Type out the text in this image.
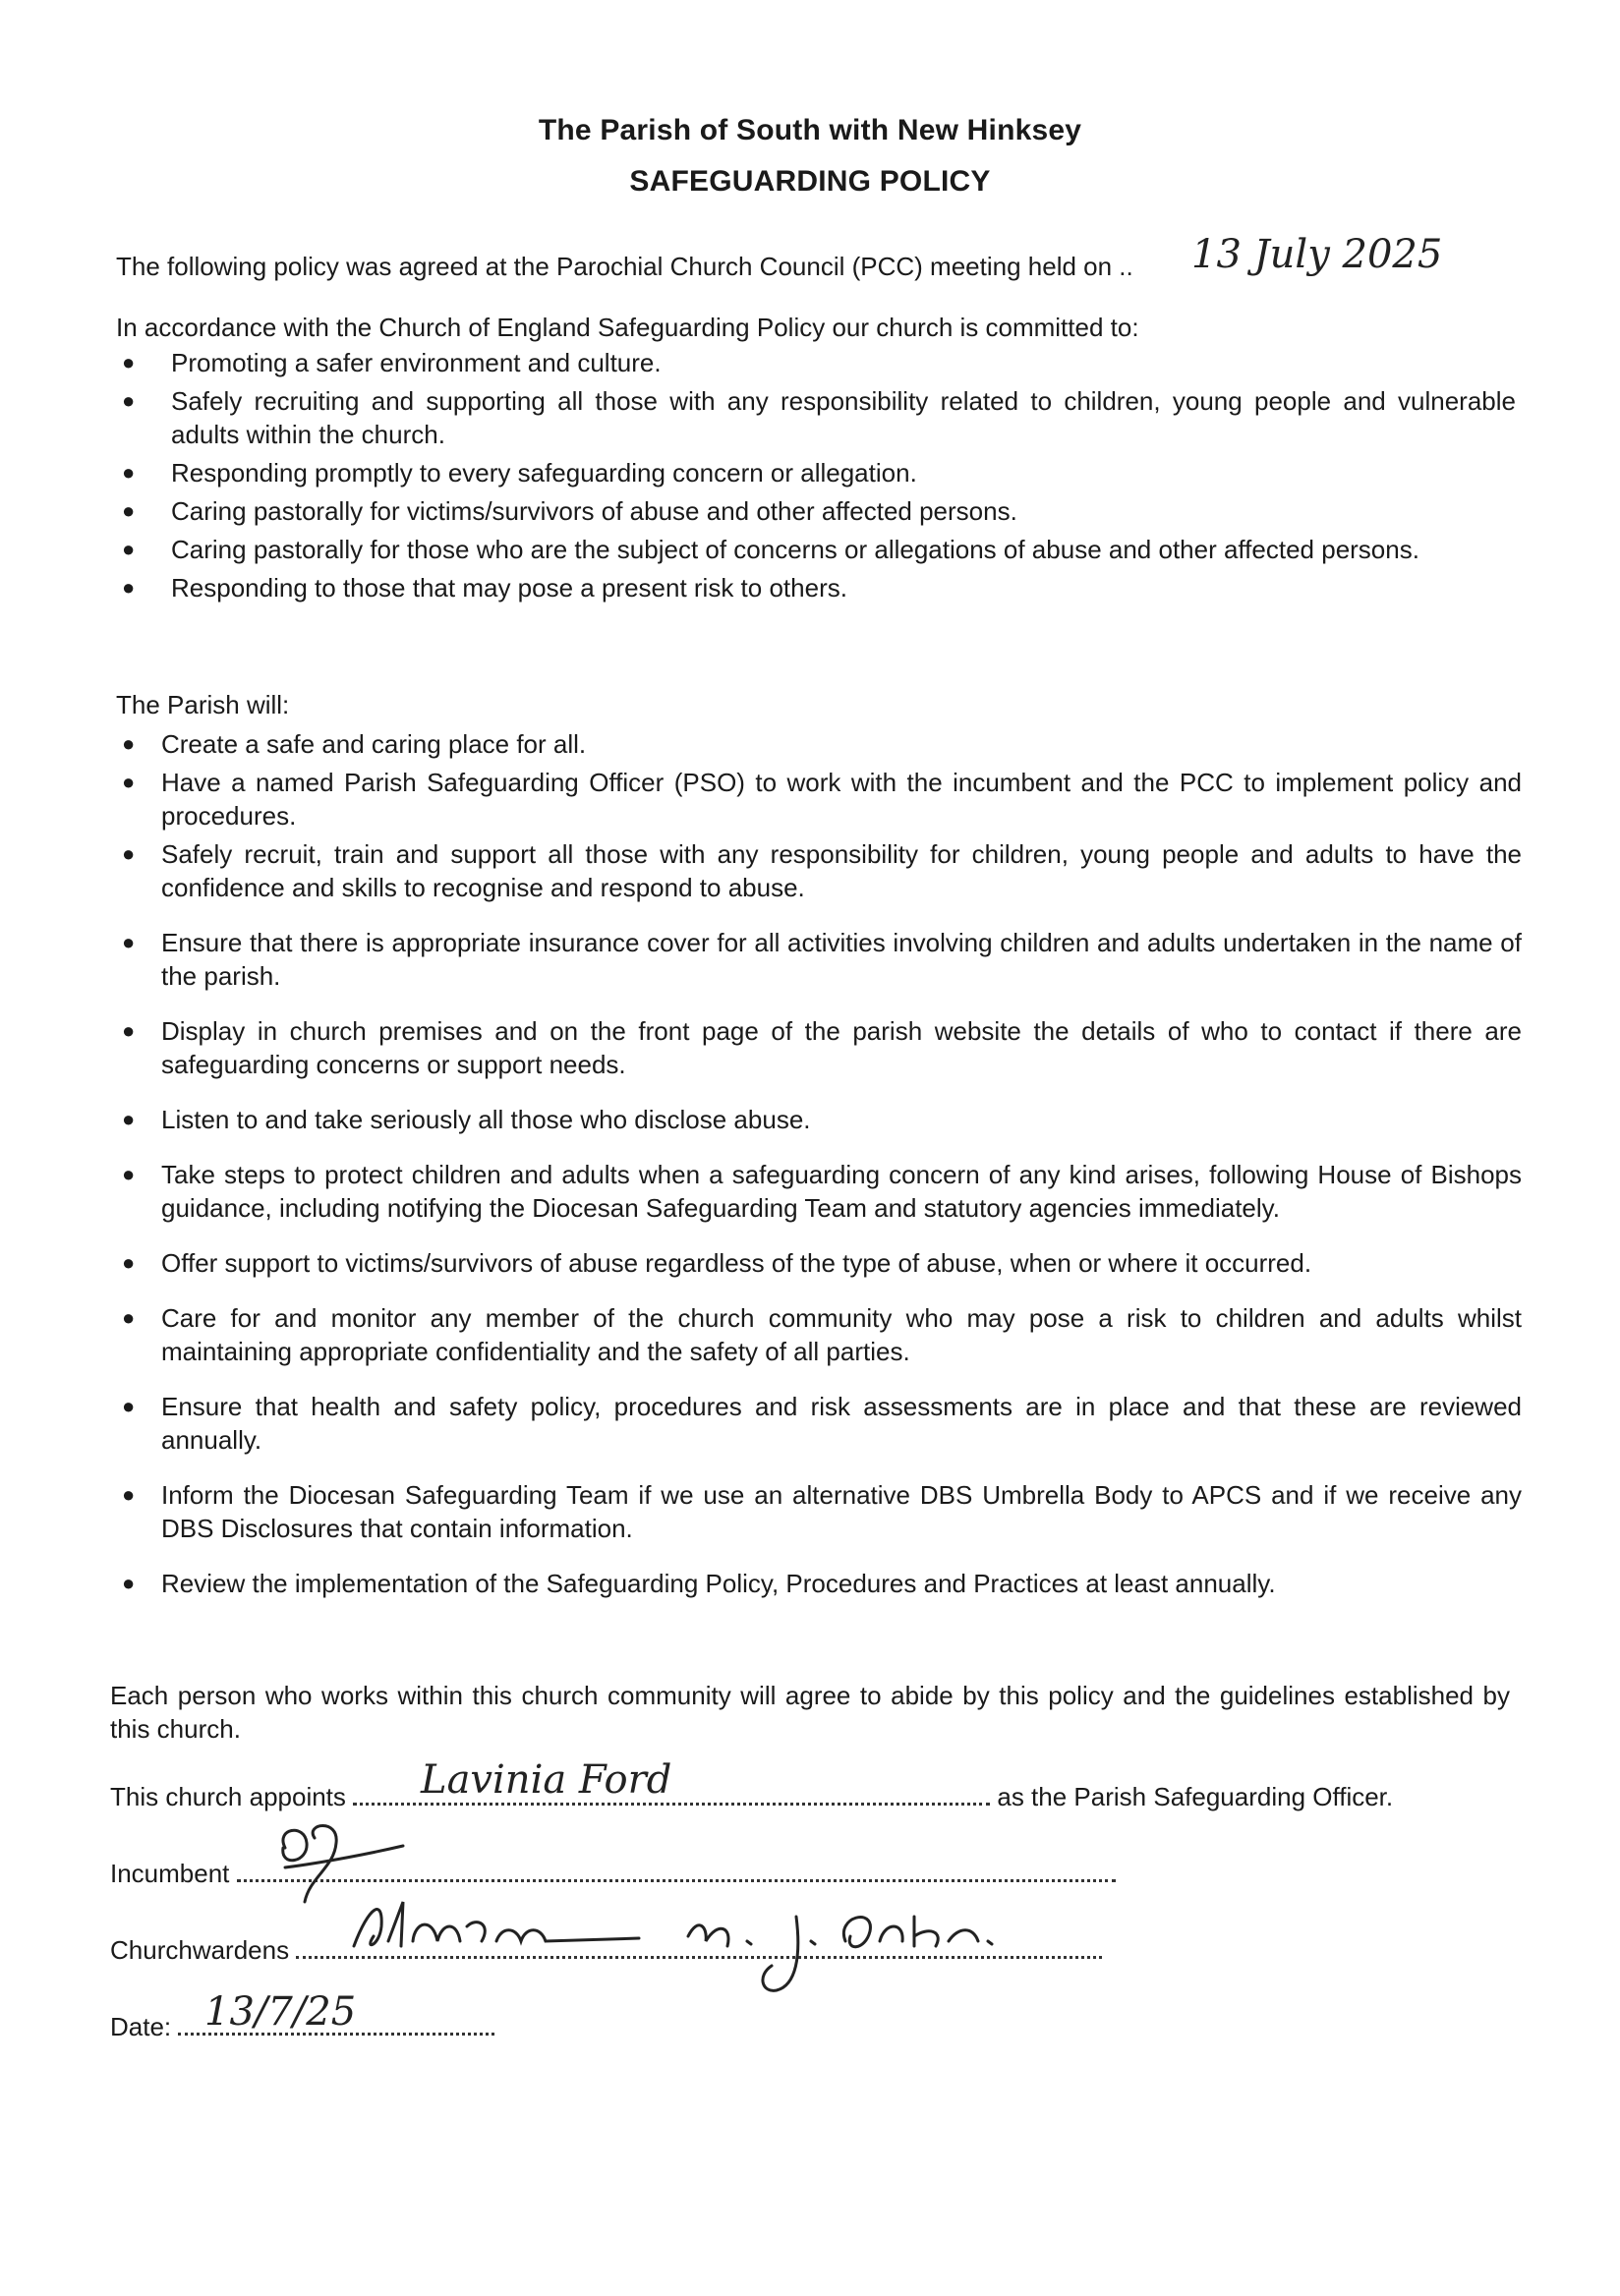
The Parish of South with New Hinksey
SAFEGUARDING POLICY
The following policy was agreed at the Parochial Church Council (PCC) meeting held on .. 13 July 2025
In accordance with the Church of England Safeguarding Policy our church is committed to:
● Promoting a safer environment and culture.
● Safely recruiting and supporting all those with any responsibility related to children, young people and vulnerable adults within the church.
● Responding promptly to every safeguarding concern or allegation.
● Caring pastorally for victims/survivors of abuse and other affected persons.
● Caring pastorally for those who are the subject of concerns or allegations of abuse and other affected persons.
● Responding to those that may pose a present risk to others.
The Parish will:
● Create a safe and caring place for all.
● Have a named Parish Safeguarding Officer (PSO) to work with the incumbent and the PCC to implement policy and procedures.
● Safely recruit, train and support all those with any responsibility for children, young people and adults to have the confidence and skills to recognise and respond to abuse.
● Ensure that there is appropriate insurance cover for all activities involving children and adults undertaken in the name of the parish.
● Display in church premises and on the front page of the parish website the details of who to contact if there are safeguarding concerns or support needs.
● Listen to and take seriously all those who disclose abuse.
● Take steps to protect children and adults when a safeguarding concern of any kind arises, following House of Bishops guidance, including notifying the Diocesan Safeguarding Team and statutory agencies immediately.
● Offer support to victims/survivors of abuse regardless of the type of abuse, when or where it occurred.
● Care for and monitor any member of the church community who may pose a risk to children and adults whilst maintaining appropriate confidentiality and the safety of all parties.
● Ensure that health and safety policy, procedures and risk assessments are in place and that these are reviewed annually.
● Inform the Diocesan Safeguarding Team if we use an alternative DBS Umbrella Body to APCS and if we receive any DBS Disclosures that contain information.
● Review the implementation of the Safeguarding Policy, Procedures and Practices at least annually.
Each person who works within this church community will agree to abide by this policy and the guidelines established by this church.
This church appoints	as the Parish Safeguarding Officer.
Lavinia Ford
Incumbent
Churchwardens
Date: 13/7/25
